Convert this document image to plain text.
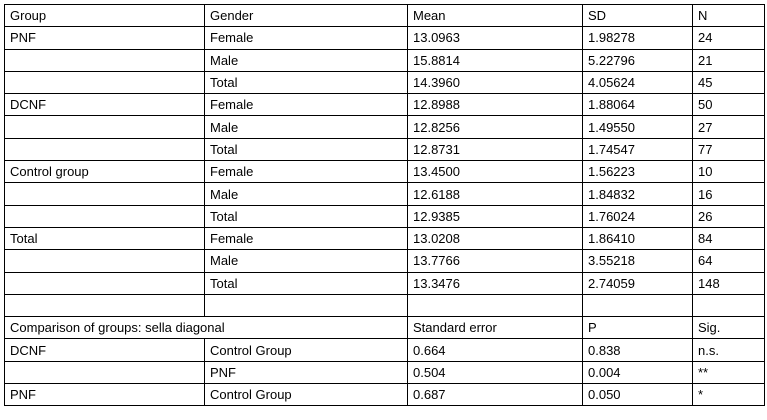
Group	Gender	Mean	SD	N
PNF	Female	13.0963	1.98278	24
	Male	15.8814	5.22796	21
	Total	14.3960	4.05624	45
DCNF	Female	12.8988	1.88064	50
	Male	12.8256	1.49550	27
	Total	12.8731	1.74547	77
Control group	Female	13.4500	1.56223	10
	Male	12.6188	1.84832	16
	Total	12.9385	1.76024	26
Total	Female	13.0208	1.86410	84
	Male	13.7766	3.55218	64
	Total	13.3476	2.74059	148

Comparison of groups: sella diagonal		Standard error	P	Sig.
DCNF	Control Group	0.664	0.838	n.s.
	PNF	0.504	0.004	**
PNF	Control Group	0.687	0.050	*
